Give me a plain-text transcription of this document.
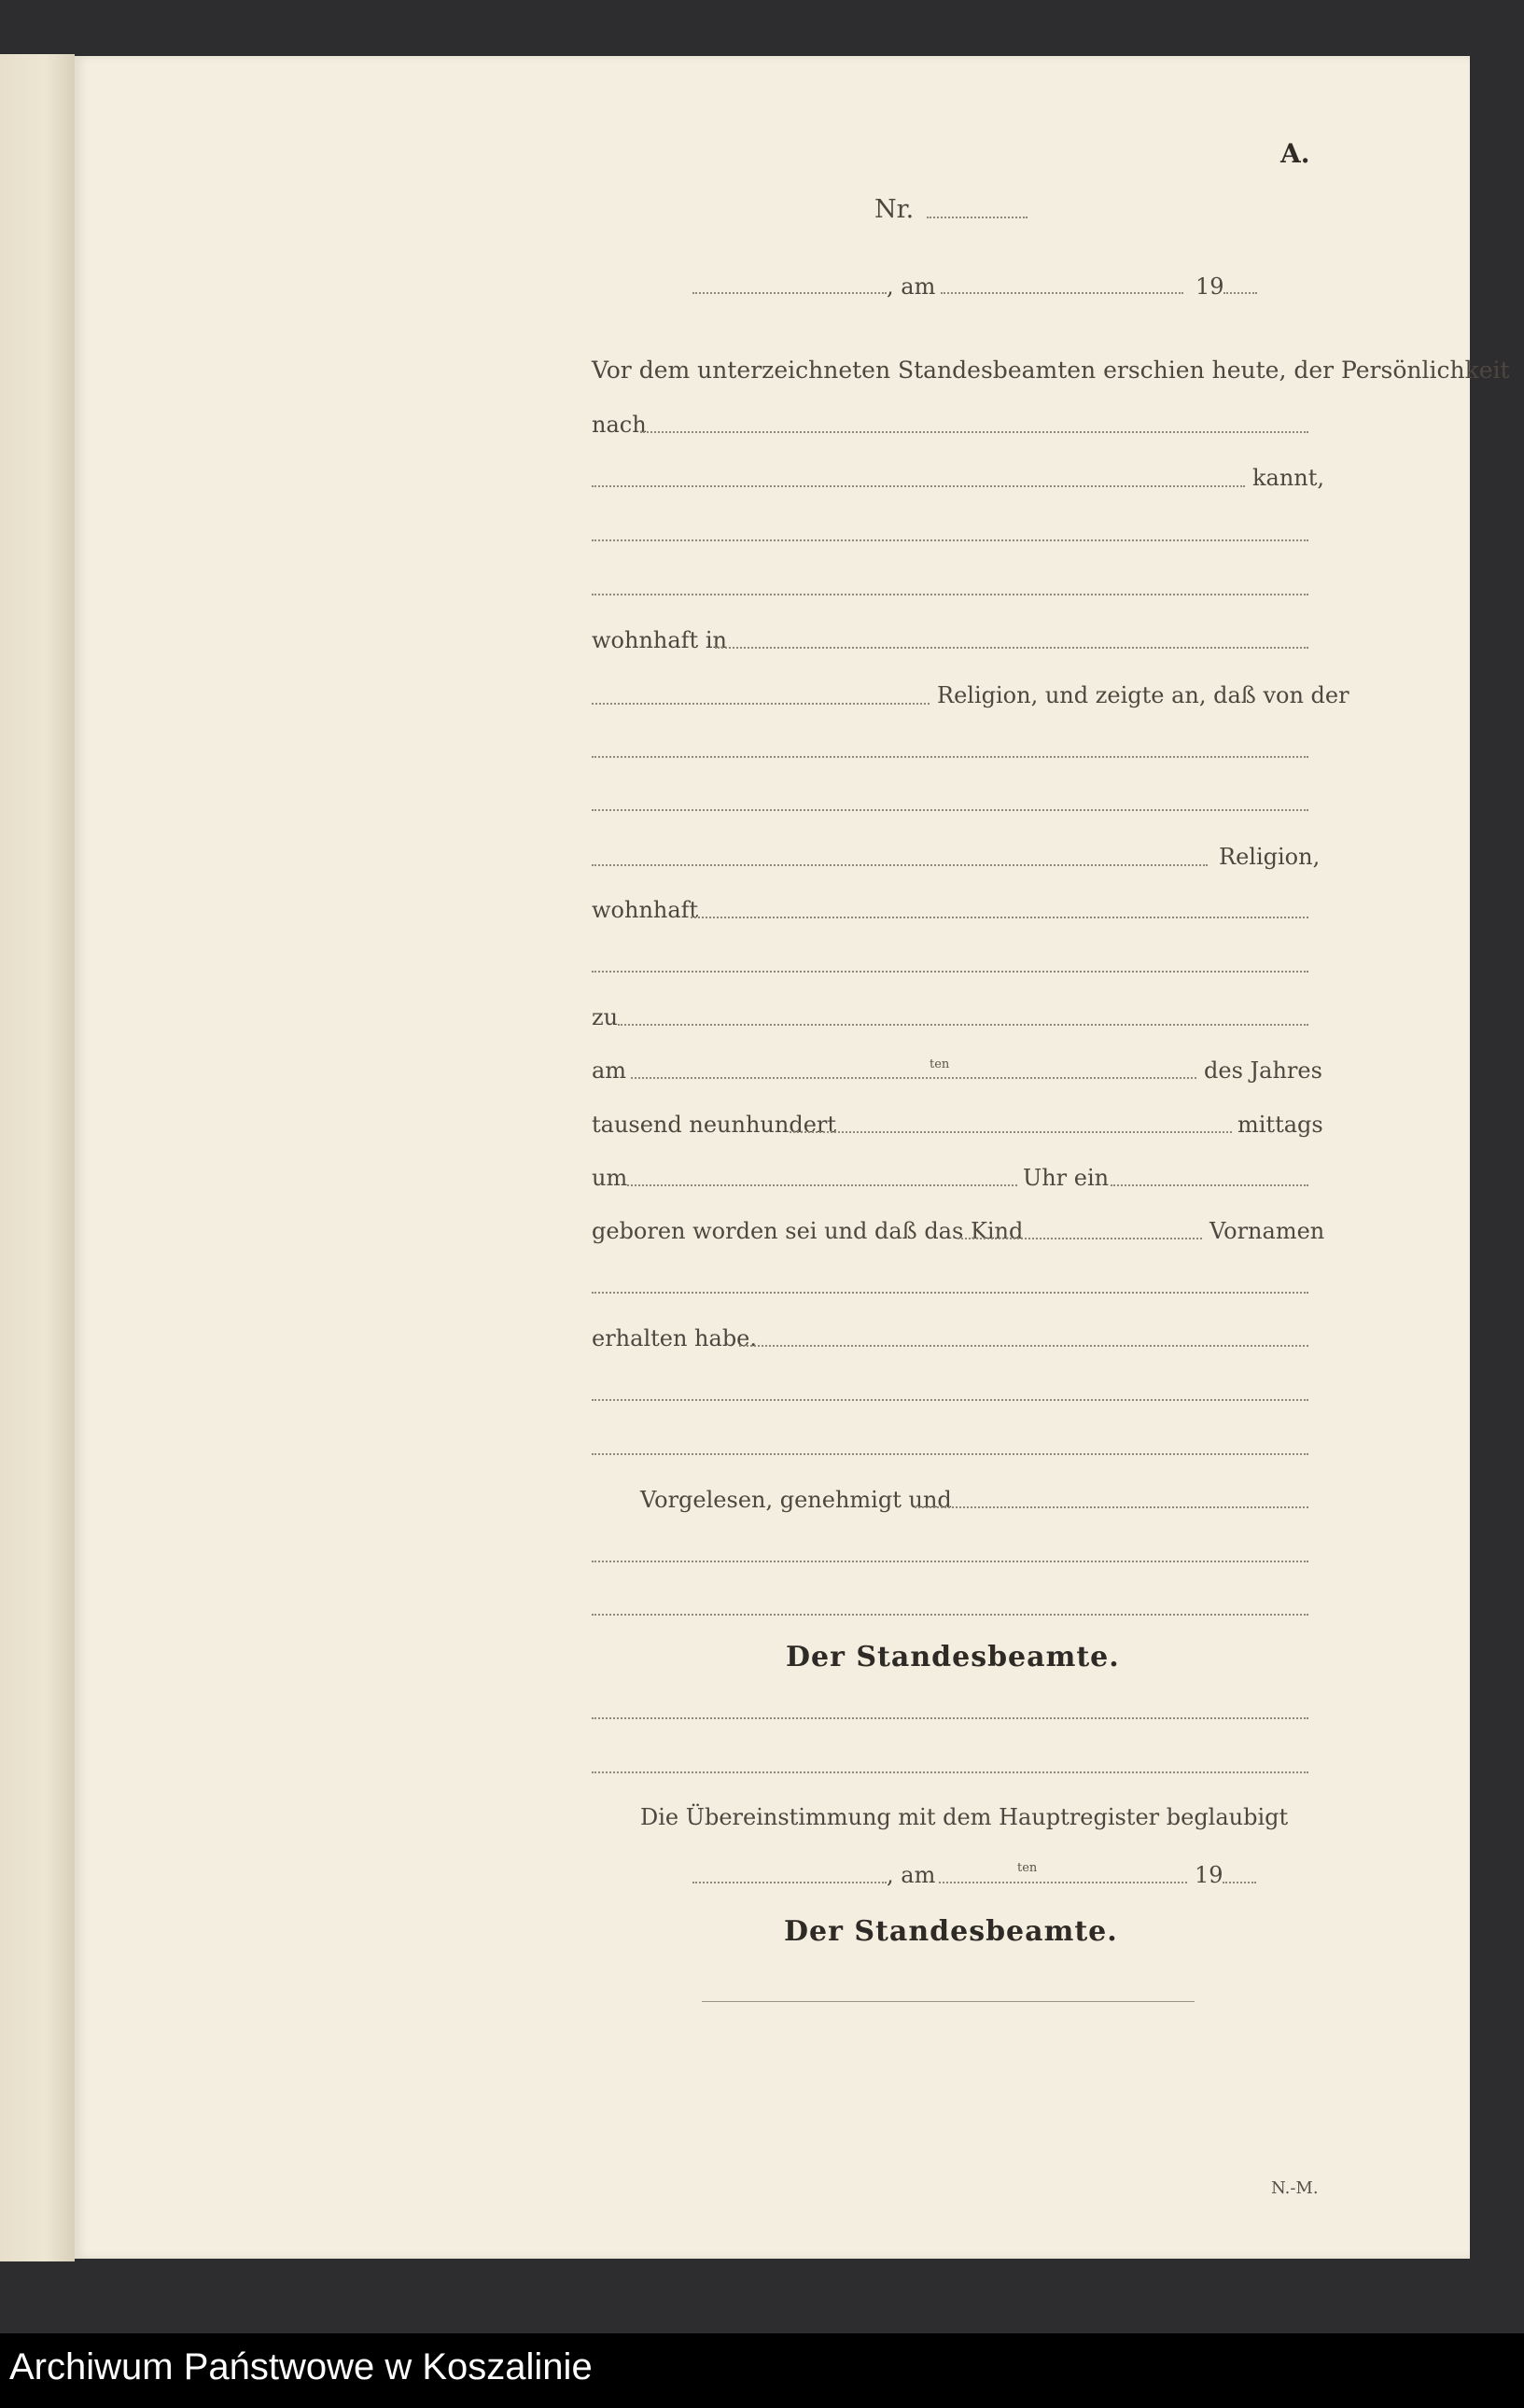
A.
Nr.
, am	19
Vor dem unterzeichneten Standesbeamten erschien heute, der Persönlichkeit
nach
kannt,
wohnhaft in
Religion, und zeigte an, daß von der
Religion,
wohnhaft
zu
am	ten	des Jahres
tausend neunhundert	mittags
um	Uhr ein
geboren worden sei und daß das Kind	Vornamen
erhalten habe.
Vorgelesen, genehmigt und
Der Standesbeamte.
Die Übereinstimmung mit dem Hauptregister beglaubigt
, am	ten	19
Der Standesbeamte.
N.-M.
Archiwum Państwowe w Koszalinie
